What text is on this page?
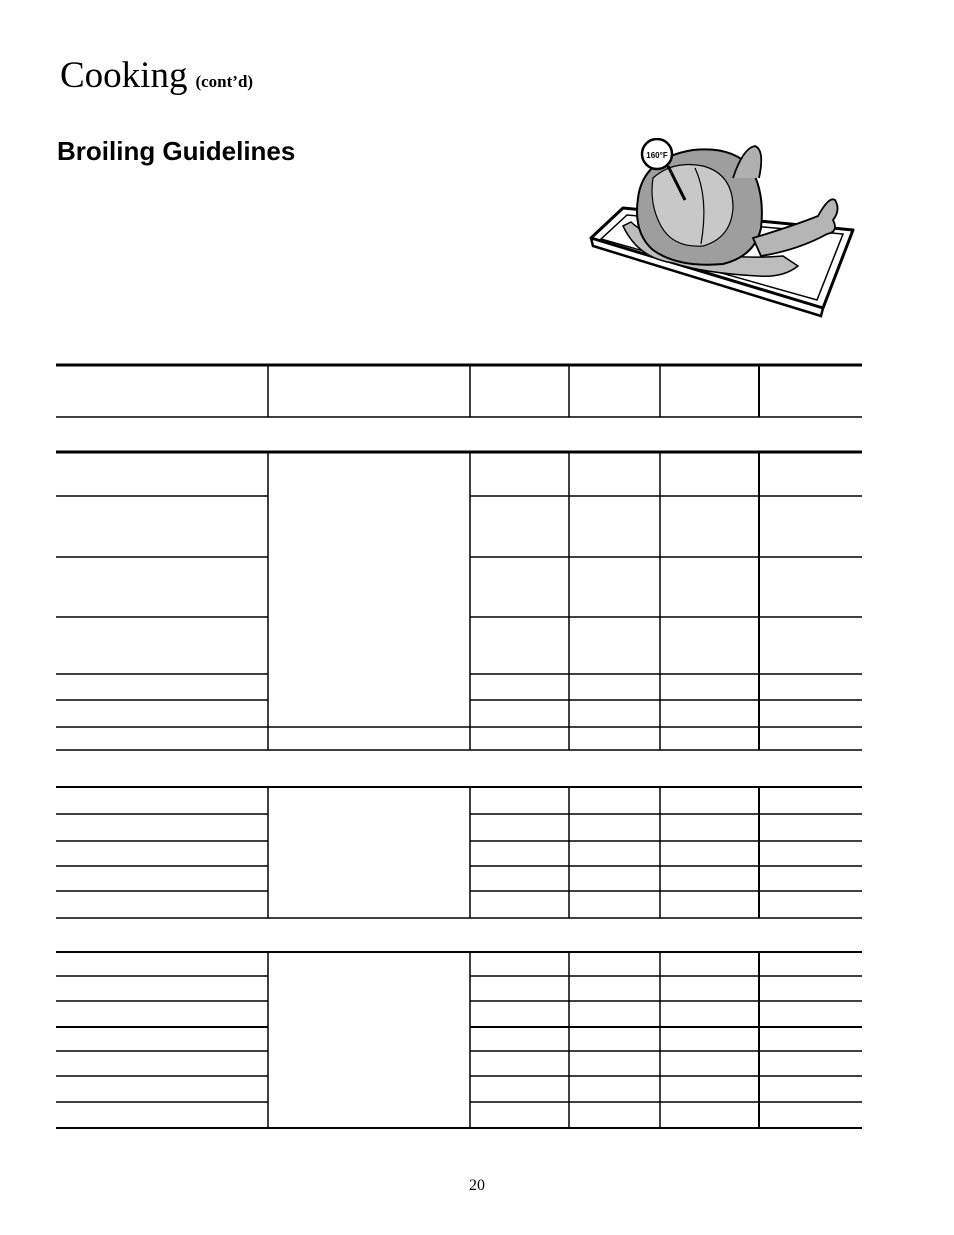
Cooking (cont’d)
Broiling Guidelines	160°F
20
